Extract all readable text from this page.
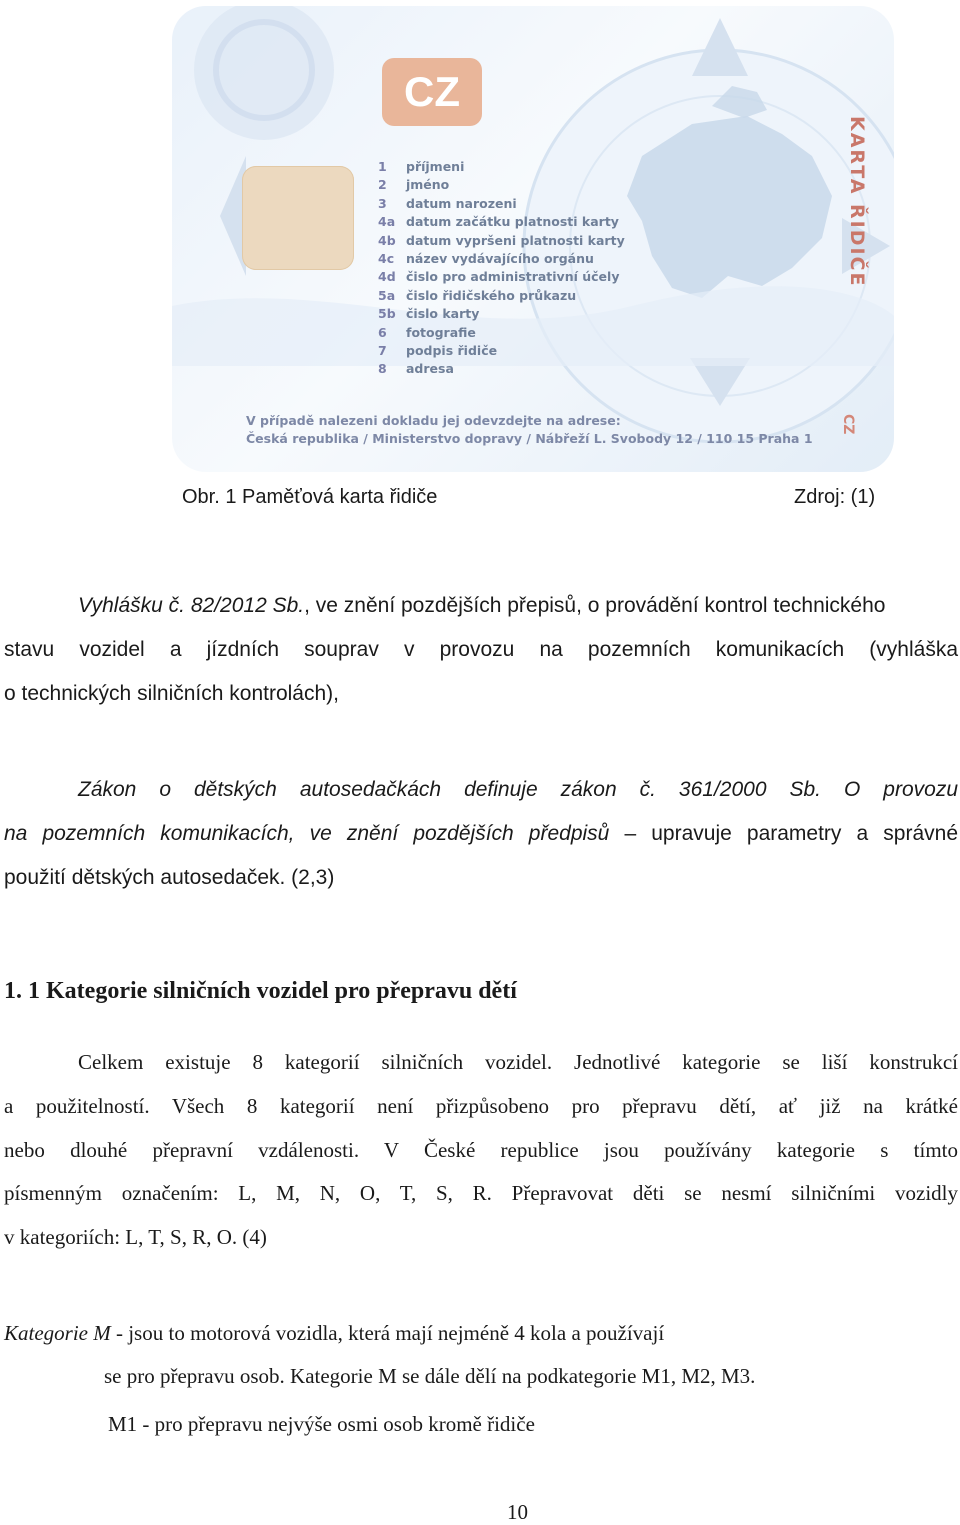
CZ
1 příjmeni
2 jméno
3 datum narozeni
4a datum začátku platnosti karty
4b datum vypršeni platnosti karty
4c název vydávajícího orgánu
4d čislo pro administrativní účely
5a čislo řidičského průkazu
5b čislo karty
6 fotografie
7 podpis řidiče
8 adresa
KARTA ŘIDIČE
CZ
V případě nalezeni dokladu jej odevzdejte na adrese:
Česká republika / Ministerstvo dopravy / Nábřeží L. Svobody 12 / 110 15 Praha 1
Obr. 1 Paměťová karta řidiče	Zdroj: (1)
Vyhlášku č. 82/2012 Sb., ve znění pozdějších přepisů, o provádění kontrol technického
stavu vozidel a jízdních souprav v provozu na pozemních komunikacích (vyhláška
o technických silničních kontrolách),
Zákon o dětských autosedačkách definuje zákon č. 361/2000 Sb. O provozu
na pozemních komunikacích, ve znění pozdějších předpisů – upravuje parametry a správné
použití dětských autosedaček. (2,3)
1. 1 Kategorie silničních vozidel pro přepravu dětí
Celkem existuje 8 kategorií silničních vozidel. Jednotlivé kategorie se liší konstrukcí
a použitelností. Všech 8 kategorií není přizpůsobeno pro přepravu dětí, ať již na krátké
nebo dlouhé přepravní vzdálenosti. V České republice jsou používány kategorie s tímto
písmenným označením: L, M, N, O, T, S, R. Přepravovat děti se nesmí silničními vozidly
v kategoriích: L, T, S, R, O. (4)
Kategorie M - jsou to motorová vozidla, která mají nejméně 4 kola a používají
se pro přepravu osob. Kategorie M se dále dělí na podkategorie M1, M2, M3.
M1 - pro přepravu nejvýše osmi osob kromě řidiče
10
